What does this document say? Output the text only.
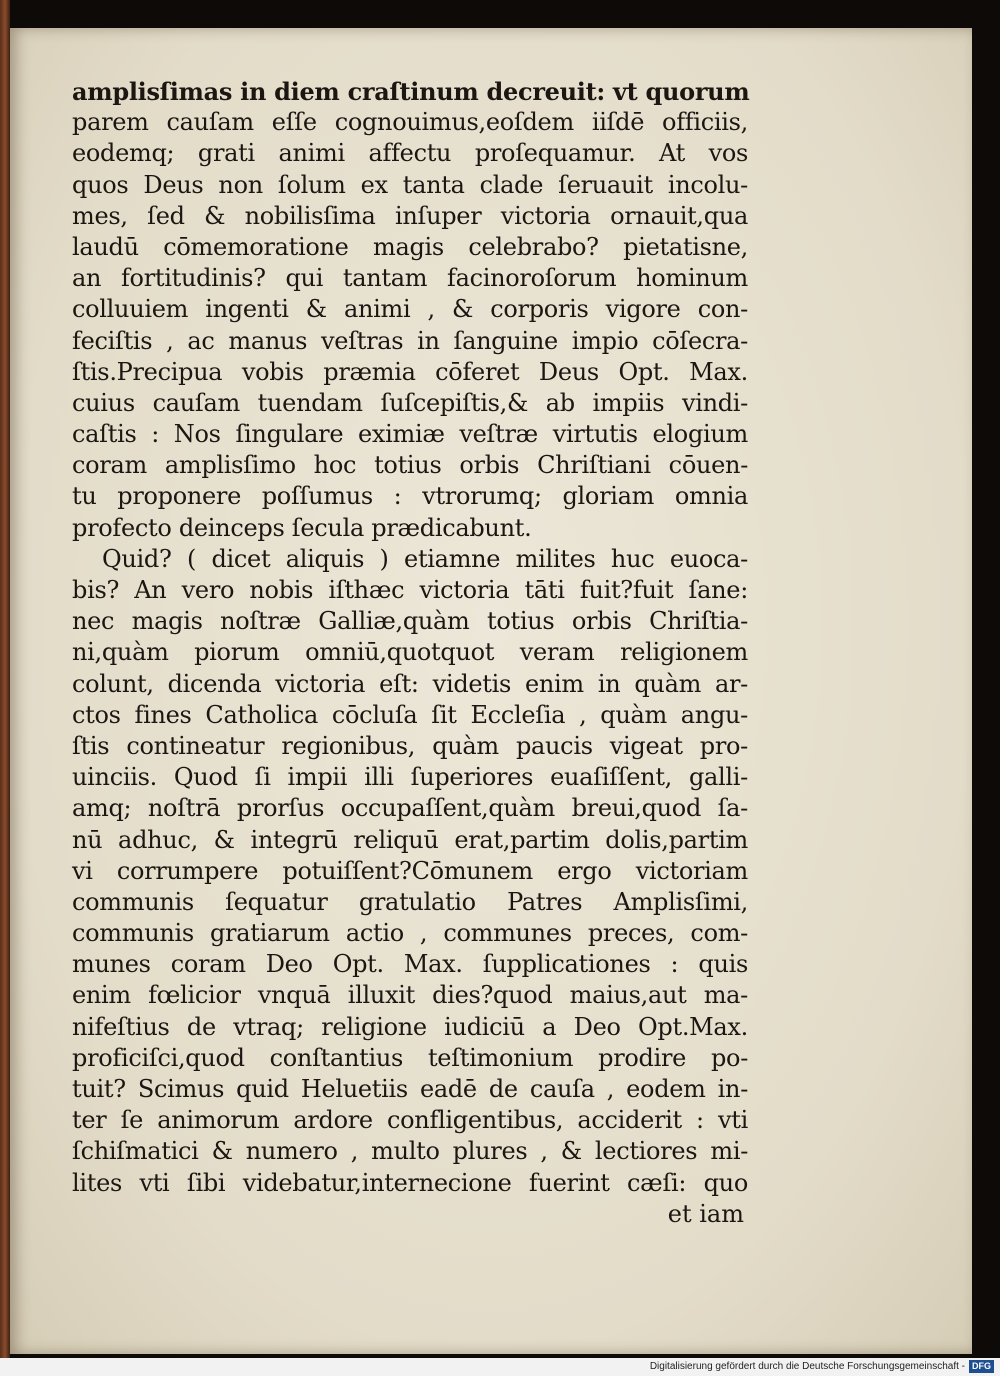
amplisſimas in diem craſtinum decreuit: vt quorum
parem cauſam eſſe cognouimus,eoſdem iiſdē officiis,
eodemq; grati animi affectu proſequamur. At vos
quos Deus non ſolum ex tanta clade ſeruauit incolu-
mes, ſed & nobilisſima inſuper victoria ornauit,qua
laudū cōmemoratione magis celebrabo? pietatisne,
an fortitudinis? qui tantam facinoroſorum hominum
colluuiem ingenti & animi , & corporis vigore con-
feciſtis , ac manus veſtras in ſanguine impio cōſecra-
ſtis.Precipua vobis præmia cōferet Deus Opt. Max.
cuius cauſam tuendam ſuſcepiſtis,& ab impiis vindi-
caſtis : Nos ſingulare eximiæ veſtræ virtutis elogium
coram amplisſimo hoc totius orbis Chriſtiani cōuen-
tu proponere poſſumus : vtrorumq; gloriam omnia
profecto deinceps ſecula prædicabunt.
Quid? ( dicet aliquis ) etiamne milites huc euoca-
bis? An vero nobis iſthæc victoria tāti fuit?fuit ſane:
nec magis noſtræ Galliæ,quàm totius orbis Chriſtia-
ni,quàm piorum omniū,quotquot veram religionem
colunt, dicenda victoria eſt: videtis enim in quàm ar-
ctos fines Catholica cōcluſa ſit Eccleſia , quàm angu-
ſtis contineatur regionibus, quàm paucis vigeat pro-
uinciis. Quod ſi impii illi ſuperiores euaſiſſent, galli-
amq; noſtrā prorſus occupaſſent,quàm breui,quod ſa-
nū adhuc, & integrū reliquū erat,partim dolis,partim
vi corrumpere potuiſſent?Cōmunem ergo victoriam
communis ſequatur gratulatio Patres Amplisſimi,
communis gratiarum actio , communes preces, com-
munes coram Deo Opt. Max. ſupplicationes : quis
enim fœlicior vnquā illuxit dies?quod maius,aut ma-
nifeſtius de vtraq; religione iudiciū a Deo Opt.Max.
proficiſci,quod conſtantius teſtimonium prodire po-
tuit? Scimus quid Heluetiis eadē de cauſa , eodem in-
ter ſe animorum ardore confligentibus, acciderit : vti
ſchiſmatici & numero , multo plures , & lectiores mi-
lites vti ſibi videbatur,internecione fuerint cæſi: quo
et iam
Digitalisierung gefördert durch die Deutsche Forschungsgemeinschaft - DFG
